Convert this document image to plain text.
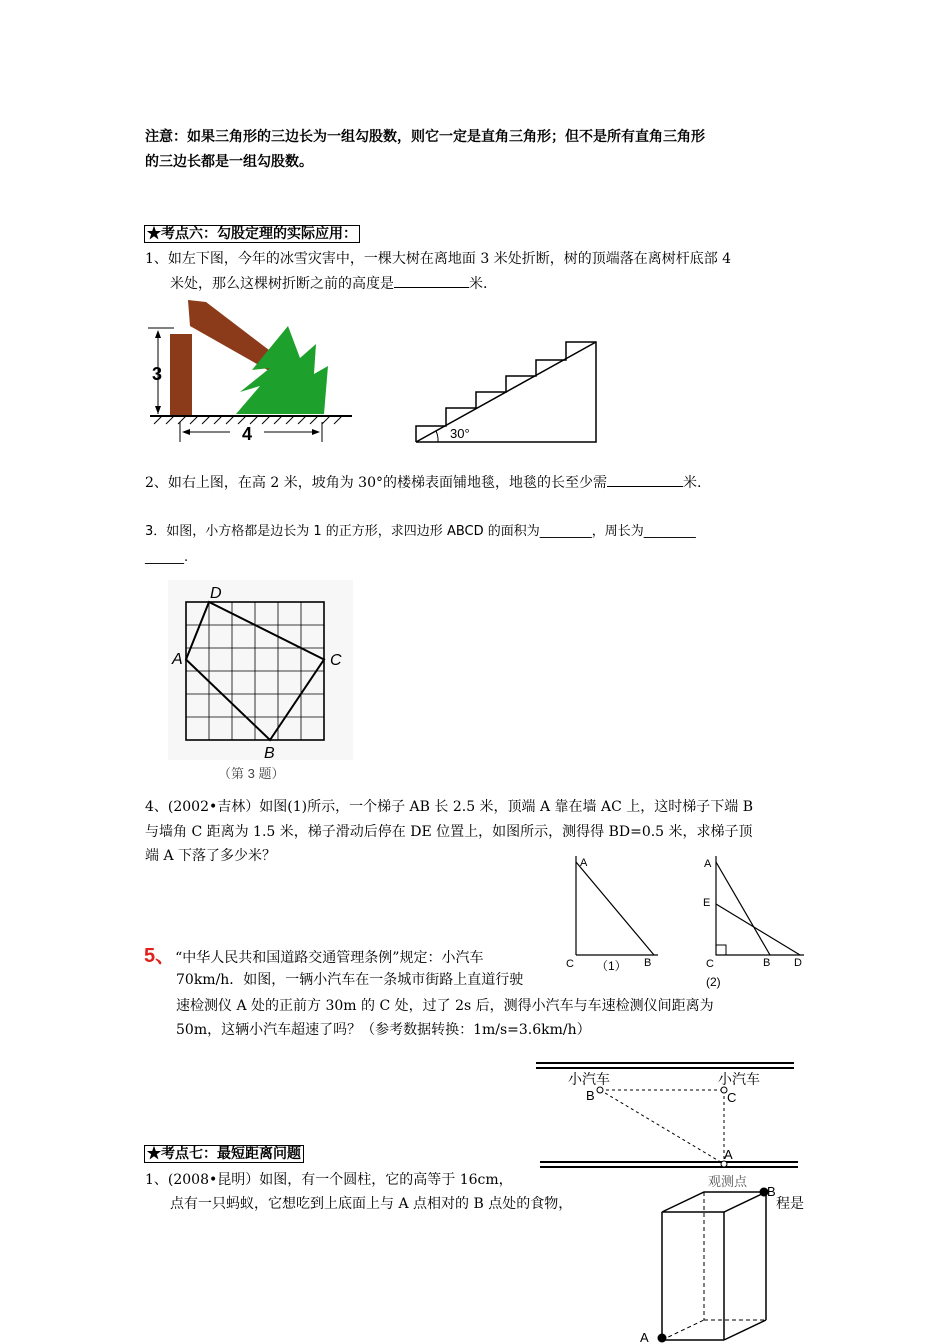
注意：如果三角形的三边长为一组勾股数，则它一定是直角三角形；但不是所有直角三角形
的三边长都是一组勾股数。
★考点六：勾股定理的实际应用：
1、如左下图，今年的冰雪灾害中，一棵大树在离地面 3 米处折断，树的顶端落在离树杆底部 4
米处，那么这棵树折断之前的高度是	米.
3
4	30°
2、如右上图，在高 2 米，坡角为 30°的楼梯表面铺地毯，地毯的长至少需	米.
3．如图，小方格都是边长为 1 的正方形，求四边形 ABCD 的面积为________，周长为________
______.
D
A	C
B
（第 3 题）
4、(2002•吉林）如图(1)所示，一个梯子 AB 长 2.5 米，顶端 A 靠在墙 AC 上，这时梯子下端 B
与墙角 C 距离为 1.5 米，梯子滑动后停在 DE 位置上，如图所示，测得得 BD=0.5 米，求梯子顶
端 A 下落了多少米？	A
C	B
（1）
A
E
C	B D
(2)
5、“中华人民共和国道路交通管理条例”规定：小汽车
70km/h．如图，一辆小汽车在一条城市街路上直道行驶
速检测仪 A 处的正前方 30m 的 C 处，过了 2s 后，测得小汽车与车速检测仪间距离为
50m，这辆小汽车超速了吗？（参考数据转换：1m/s=3.6km/h）
小汽车	小汽车
B	C
A
观测点
★考点七：最短距离问题
1、(2008•昆明）如图，有一个圆柱，它的高等于 16cm，
点有一只蚂蚁，它想吃到上底面上与 A 点相对的 B 点处的食物，	程是
B
A
